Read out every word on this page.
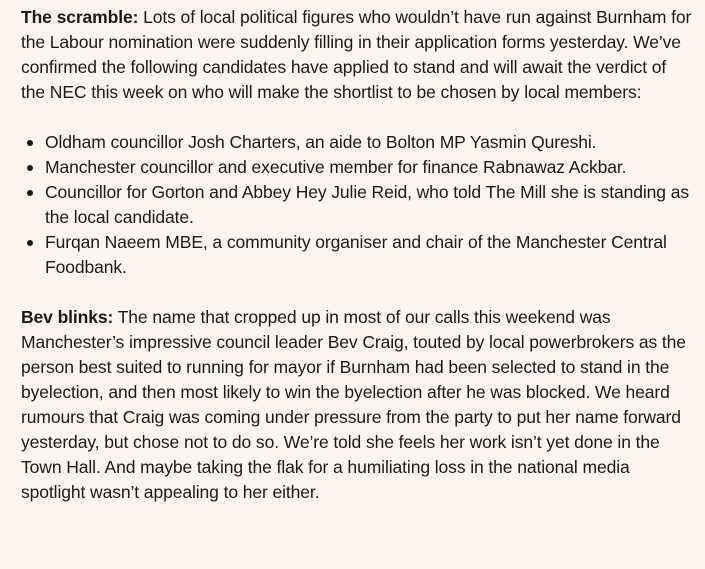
The scramble: Lots of local political figures who wouldn’t have run against Burnham for the Labour nomination were suddenly filling in their application forms yesterday. We’ve confirmed the following candidates have applied to stand and will await the verdict of the NEC this week on who will make the shortlist to be chosen by local members:

Oldham councillor Josh Charters, an aide to Bolton MP Yasmin Qureshi.
Manchester councillor and executive member for finance Rabnawaz Ackbar.
Councillor for Gorton and Abbey Hey Julie Reid, who told The Mill she is standing as the local candidate.
Furqan Naeem MBE, a community organiser and chair of the Manchester Central Foodbank.

Bev blinks: The name that cropped up in most of our calls this weekend was Manchester’s impressive council leader Bev Craig, touted by local powerbrokers as the person best suited to running for mayor if Burnham had been selected to stand in the byelection, and then most likely to win the byelection after he was blocked. We heard rumours that Craig was coming under pressure from the party to put her name forward yesterday, but chose not to do so. We’re told she feels her work isn’t yet done in the Town Hall. And maybe taking the flak for a humiliating loss in the national media spotlight wasn’t appealing to her either.
